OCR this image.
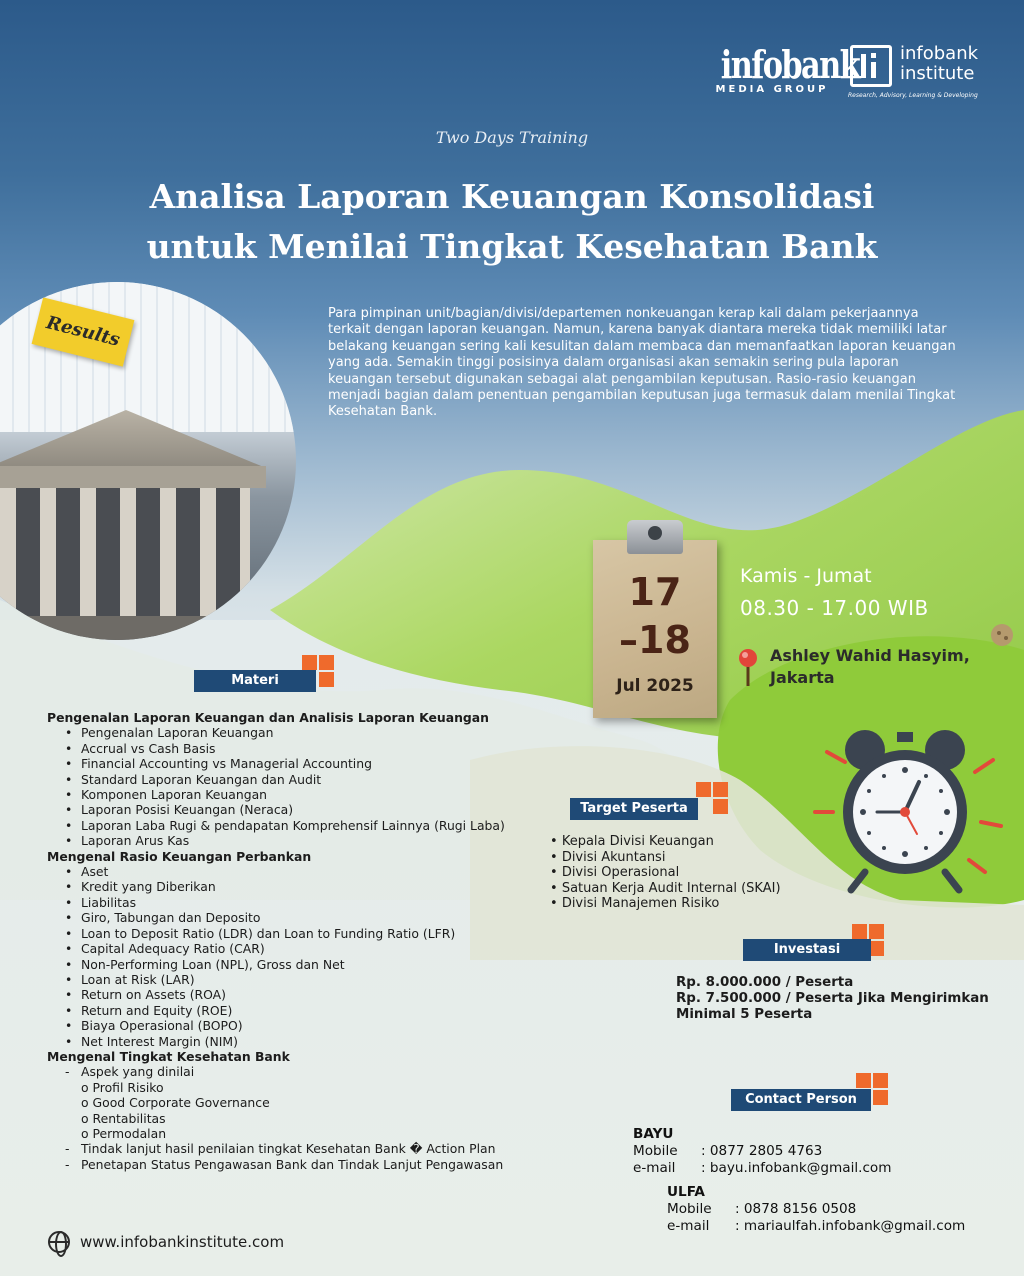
infobank
MEDIA GROUP
infobank
institute
Research, Advisory, Learning & Developing
Two Days Training
Analisa Laporan Keuangan Konsolidasi
untuk Menilai Tingkat Kesehatan Bank
Para pimpinan unit/bagian/divisi/departemen nonkeuangan kerap kali dalam pekerjaannya terkait dengan laporan keuangan. Namun, karena banyak diantara mereka tidak memiliki latar belakang keuangan sering kali kesulitan dalam membaca dan memanfaatkan laporan keuangan yang ada. Semakin tinggi posisinya dalam organisasi akan semakin sering pula laporan keuangan tersebut digunakan sebagai alat pengambilan keputusan. Rasio-rasio keuangan menjadi bagian dalam penentuan pengambilan keputusan juga termasuk dalam menilai Tingkat Kesehatan Bank.
Results
17
–18
Jul 2025
Kamis - Jumat
08.30 - 17.00 WIB
Ashley Wahid Hasyim,
Jakarta
Materi
Pengenalan Laporan Keuangan dan Analisis Laporan Keuangan
• Pengenalan Laporan Keuangan
• Accrual vs Cash Basis
• Financial Accounting vs Managerial Accounting
• Standard Laporan Keuangan dan Audit
• Komponen Laporan Keuangan
• Laporan Posisi Keuangan (Neraca)
• Laporan Laba Rugi & pendapatan Komprehensif Lainnya (Rugi Laba)
• Laporan Arus Kas
Mengenal Rasio Keuangan Perbankan
• Aset
• Kredit yang Diberikan
• Liabilitas
• Giro, Tabungan dan Deposito
• Loan to Deposit Ratio (LDR) dan Loan to Funding Ratio (LFR)
• Capital Adequacy Ratio (CAR)
• Non-Performing Loan (NPL), Gross dan Net
• Loan at Risk (LAR)
• Return on Assets (ROA)
• Return and Equity (ROE)
• Biaya Operasional (BOPO)
• Net Interest Margin (NIM)
Mengenal Tingkat Kesehatan Bank
- Aspek yang dinilai
o Profil Risiko
o Good Corporate Governance
o Rentabilitas
o Permodalan
- Tindak lanjut hasil penilaian tingkat Kesehatan Bank � Action Plan
- Penetapan Status Pengawasan Bank dan Tindak Lanjut Pengawasan
Target Peserta
• Kepala Divisi Keuangan
• Divisi Akuntansi
• Divisi Operasional
• Satuan Kerja Audit Internal (SKAI)
• Divisi Manajemen Risiko
Investasi
Rp. 8.000.000 / Peserta
Rp. 7.500.000 / Peserta Jika Mengirimkan
Minimal 5 Peserta
Contact Person
BAYU
Mobile	: 0877 2805 4763
e-mail	: bayu.infobank@gmail.com
ULFA
Mobile	: 0878 8156 0508
e-mail	: mariaulfah.infobank@gmail.com
www.infobankinstitute.com
